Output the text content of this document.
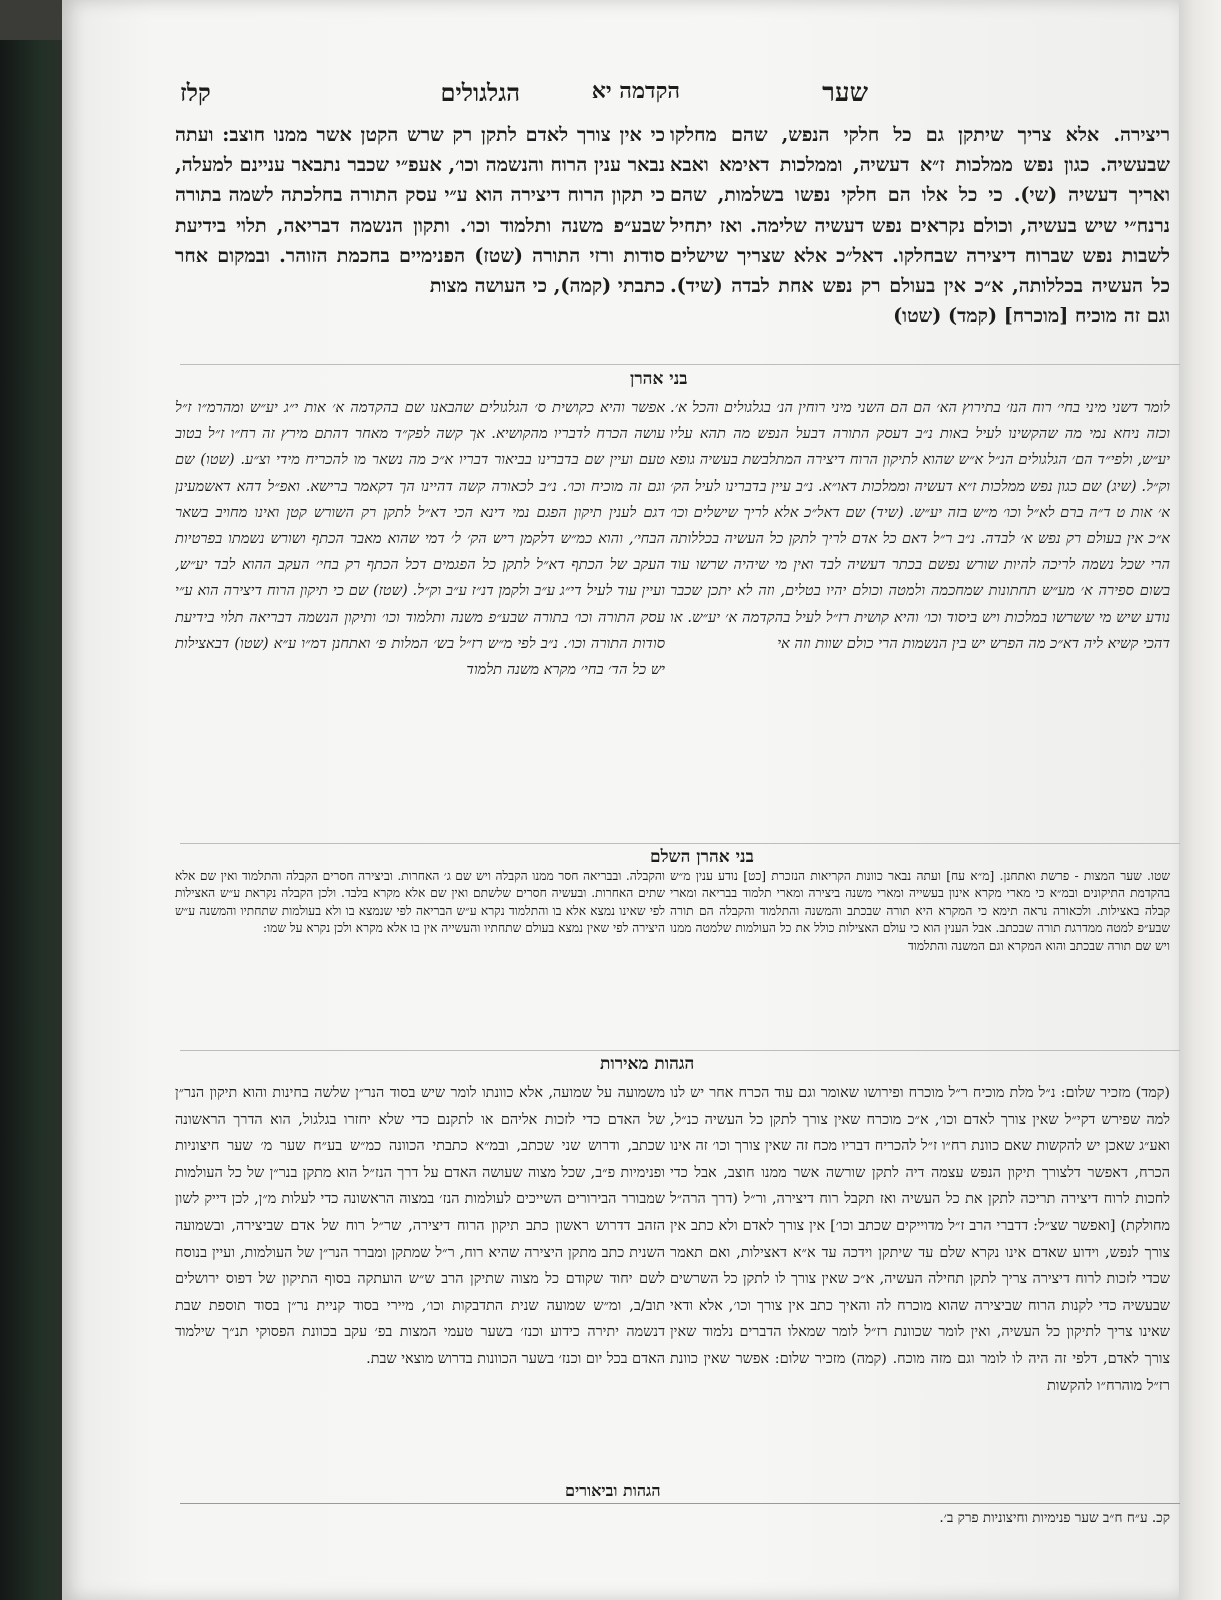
שער
הקדמה יא
הגלגולים
קלז
ריצירה. אלא צריך שיתקן גם כל חלקי הנפש, שהם מחלקו שבעשיה. כגון נפש ממלכות ז״א דעשיה, וממלכות דאימא ואבא ואריך דעשיה (שי). כי כל אלו הם חלקי נפשו בשלמות, שהם נרנח״י שיש בעשיה, וכולם נקראים נפש דעשיה שלימה. ואז יתחיל לשבות נפש שברוח דיצירה שבחלקו. דאל״כ אלא שצריך שישלים כל העשיה בכללותה, א״כ אין בעולם רק נפש אחת לבדה (שיד). וגם זה מוכיח [מוכרח] (קמד) (שטו)
כי אין צורך לאדם לתקן רק שרש הקטן אשר ממנו חוצב: ועתה נבאר ענין הרוח והנשמה וכו׳, אעפ״י שכבר נתבאר עניינם למעלה, כי תקון הרוח דיצירה הוא ע״י עסק התורה בחלכתה לשמה בתורה שבע״פ משנה ותלמוד וכו׳. ותקון הנשמה דבריאה, תלוי בידיעת סודות ורזי התורה (שטז) הפנימיים בחכמת הזוהר. ובמקום אחר כתבתי (קמה), כי העושה מצות
בני אהרן
לומר דשני מיני בחי׳ רוח הנז׳ בתירוץ הא׳ הם הם השני מיני רוחין הנ׳ בגלגולים והכל א׳. וכזה ניחא נמי מה שהקשינו לעיל באות נ״ב דעסק התורה דבעל הנפש מה תהא עליו יע״ש, ולפי״ד הם׳ הגלגולים הנ״ל א״ש שהוא לתיקון הרוח דיצירה המתלבשת בעשיה גופא וק״ל. (שיג) שם כגון נפש ממלכות ז״א דעשיה וממלכות דאו״א. נ״ב עיין בדברינו לעיל הק׳ א׳ אות ט ד״ה ברם לא״ל וכו׳ מ״ש בזה יע״ש. (שיד) שם דאל״כ אלא לריך שישלים וכו׳ א״כ אין בעולם רק נפש א׳ לבדה. נ״ב ר״ל דאם כל אדם לריך לתקן כל העשיה בכללותה הרי שכל נשמה לריכה להיות שורש נפשם בכתר דעשיה לבד ואין מי שיהיה שרשו עוד בשום ספירה א׳ מע״ש תחתונות שמחכמה ולמטה וכולם יהיו בטלים, וזה לא יתכן שכבר נודע שיש מי ששרשו במלכות ויש ביסוד וכו׳ והיא קושית רז״ל לעיל בהקדמה א׳ יע״ש. או דהכי קשיא ליה דא״כ מה הפרש יש בין הנשמות הרי כולם שוות וזה אי
אפשר והיא כקושית ס׳ הגלגולים שהבאנו שם בהקדמה א׳ אות י״ג יע״ש ומהרמ״ו ז״ל עושה הכרח לדבריו מהקושיא. אך קשה לפק״ד מאחר דהתם מירץ זה רח״ו ז״ל בטוב טעם ועיין שם בדברינו בביאור דבריו א״כ מה נשאר מו להכריח מידי וצ״ע. (שטו) שם וגם זה מוכיח וכו׳. נ״ב לכאורה קשה דהיינו הך דקאמר ברישא. ואפ״ל דהא דאשמעינן דגם לענין תיקון הפגם נמי דינא הכי דא״ל לתקן רק השורש קטן ואינו מחויב בשאר הבחי׳, והוא כמ״ש דלקמן ריש הק׳ ל׳ דמי שהוא מאבר הכתף ושורש נשמתו בפרטיות העקב של הכתף דא״ל לתקן כל הפגמים דכל הכתף רק בחי׳ העקב ההוא לבד יע״ש, ועיין עוד לעיל די״ג ע״ב ולקמן דנ״ז ע״ב וק״ל. (שטז) שם כי תיקון הרוח דיצירה הוא ע״י עסק התורה וכו׳ בתורה שבע״פ משנה ותלמוד וכו׳ ותיקון הנשמה דבריאה תלוי בידיעת סודות התורה וכו׳. נ״ב לפי מ״ש רז״ל בש׳ המלות פ׳ ואתחנן דמ״ו ע״א (שטו) דבאצילות יש כל הד׳ בחי׳ מקרא משנה תלמוד
בני אהרן השלם
שטו. שער המצות - פרשת ואתחנן. [מ״א עח] ועתה נבאר כוונות הקריאות הנזכרת [כט] נודע ענין מ״ש בהקדמת התיקונים ובמ״א כי מארי מקרא אינון בעשייה ומארי משנה ביצירה ומארי תלמוד בבריאה ומארי קבלה באצילות. ולכאורה נראה תימא כי המקרא היא תורה שבכתב והמשנה והתלמוד והקבלה הם תורה שבע״פ למטה ממדרגת תורה שבכתב. אבל הענין הוא כי עולם האצילות כולל את כל העולמות שלמטה ממנו ויש שם תורה שבכתב והוא המקרא וגם המשנה והתלמוד
והקבלה. ובבריאה חסר ממנו הקבלה ויש שם ג׳ האחרות. וביצירה חסרים הקבלה והתלמוד ואין שם אלא שתים האחרות. ובעשיה חסרים שלשתם ואין שם אלא מקרא בלבד. ולכן הקבלה נקראת ע״ש האצילות לפי שאינו נמצא אלא בו והתלמוד נקרא ע״ש הבריאה לפי שנמצא בו ולא בעולמות שתחתיו והמשנה ע״ש היצירה לפי שאין נמצא בעולם שתחתיו והעשייה אין בו אלא מקרא ולכן נקרא על שמו:
הגהות מאירות
(קמד) מזכיר שלום: נ״ל מלת מוכיח ר״ל מוכרח ופירושו שאומר וגם עוד הכרח אחר יש לנו למה שפירש דקי״ל שאין צורך לאדם וכו׳, א״כ מוכרח שאין צורך לתקן כל העשיה כנ״ל, ואע״ג שאכן יש להקשות שאם כוונת רח״ו ז״ל להכריח דבריו מכח זה שאין צורך וכו׳ זה אינו הכרח, דאפשר דלצורך תיקון הנפש עצמה דיה לתקן שורשה אשר ממנו חוצב, אבל כדי לחכות לרוח דיצירה תריכה לתקן את כל העשיה ואז תקבל רוח דיצירה, ור״ל (דרך הרה״ל מחולקת) [ואפשר שצ״ל: דדברי הרב ז״ל מדוייקים שכתב וכו׳] אין צורך לאדם ולא כתב אין צורך לנפש, וידוע שאדם אינו נקרא שלם עד שיתקן וידכה עד א״א דאצילות, ואם תאמר שכדי לזכות לרוח דיצירה צריך לתקן תחילה העשיה, א״כ שאין צורך לו לתקן כל השרשים שבעשיה כדי לקנות הרוח שביצירה שהוא מוכרח לה והאיך כתב אין צורך וכו׳, אלא ודאי שאינו צריך לתיקון כל העשיה, ואין לומר שכוונת רז״ל לומר שמאלו הדברים נלמוד שאין צורך לאדם, דלפי זה היה לו לומר וגם מזה מוכח. (קמה) מזכיר שלום: אפשר שאין כוונת רז״ל מוהרח״ו להקשות
משמועה על שמועה, אלא כוונתו לומר שיש בסוד הנר״ן שלשה בחינות והוא תיקון הנר״ן של האדם כדי לזכות אליהם או לתקנם כדי שלא יחזרו בגלגול, הוא הדרך הראשונה שכתב, ודרוש שני שכתב, ובמ״א כתבתי הכוונה כמ״ש בע״ח שער מ׳ שער חיצוניות ופנימיות פ״ב, שכל מצוה שעושה האדם על דרך הנז״ל הוא מתקן בנר״ן של כל העולמות שמבורר הבירורים השייכים לעולמות הנז׳ במצוה הראשונה כדי לעלות מ״ן, לכן דייק לשון הזהב דדרוש ראשון כתב תיקון הרוח דיצירה, שר״ל רוח של אדם שביצירה, ובשמועה השנית כתב מתקן היצירה שהיא רוח, ר״ל שמתקן ומברר הנר״ן של העולמות, ועיין בנוסח לשם יחוד שקודם כל מצוה שתיקן הרב ש״ש הועתקה בסוף התיקון של דפוס ירושלים תוב/ב, ומ״ש שמועה שנית התדבקות וכו׳, מיירי בסוד קניית נר״ן בסוד תוספת שבת דנשמה יתירה כידוע וכנז׳ בשער טעמי המצות בפ׳ עקב בכוונת הפסוקי תנ״ך שילמוד האדם בכל יום וכנז׳ בשער הכוונות בדרוש מוצאי שבת.
הגהות וביאורים
קכ. ע״ח ח״ב שער פנימיות וחיצוניות פרק ב׳.
